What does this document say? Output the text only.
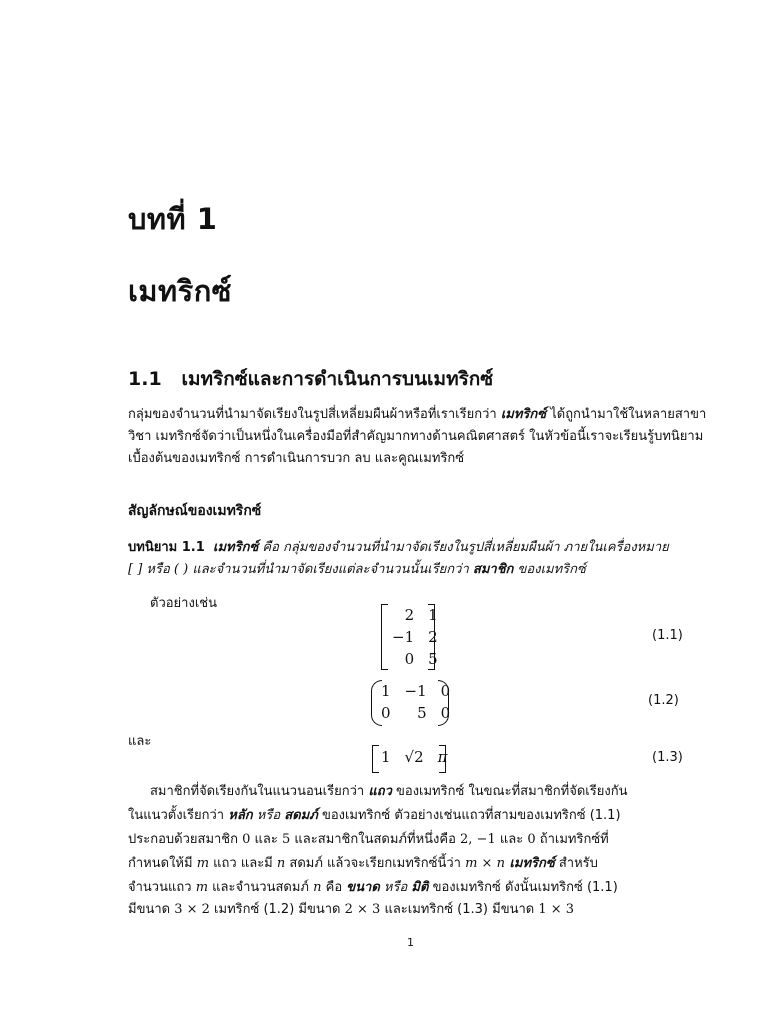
บทที่ 1
เมทริกซ์
1.1 เมทริกซ์และการดำเนินการบนเมทริกซ์
กลุ่มของจำนวนที่นำมาจัดเรียงในรูปสี่เหลี่ยมผืนผ้าหรือที่เราเรียกว่า เมทริกซ์ ได้ถูกนำมาใช้ในหลายสาขาวิชา เมทริกซ์จัดว่าเป็นหนึ่งในเครื่องมือที่สำคัญมากทางด้านคณิตศาสตร์ ในหัวข้อนี้เราจะเรียนรู้บทนิยามเบื้องต้นของเมทริกซ์ การดำเนินการบวก ลบ และคูณเมทริกซ์
สัญลักษณ์ของเมทริกซ์
บทนิยาม 1.1 เมทริกซ์ คือ กลุ่มของจำนวนที่นำมาจัดเรียงในรูปสี่เหลี่ยมผืนผ้า ภายในเครื่องหมาย
[ ] หรือ ( ) และจำนวนที่นำมาจัดเรียงแต่ละจำนวนนั้นเรียกว่า สมาชิก ของเมทริกซ์
ตัวอย่างเช่น
2	1
−1	2
0	5
(1.1)
1	−1	0
0	5	0
(1.2)
และ
1	√2	π	(1.3)
สมาชิกที่จัดเรียงกันในแนวนอนเรียกว่า แถว ของเมทริกซ์ ในขณะที่สมาชิกที่จัดเรียงกัน
ในแนวตั้งเรียกว่า หลัก หรือ สดมภ์ ของเมทริกซ์ ตัวอย่างเช่นแถวที่สามของเมทริกซ์ (1.1)
ประกอบด้วยสมาชิก 0 และ 5 และสมาชิกในสดมภ์ที่หนึ่งคือ 2, −1 และ 0 ถ้าเมทริกซ์ที่
กำหนดให้มี m แถว และมี n สดมภ์ แล้วจะเรียกเมทริกซ์นี้ว่า m × n เมทริกซ์ สำหรับ
จำนวนแถว m และจำนวนสดมภ์ n คือ ขนาด หรือ มิติ ของเมทริกซ์ ดังนั้นเมทริกซ์ (1.1)
มีขนาด 3 × 2 เมทริกซ์ (1.2) มีขนาด 2 × 3 และเมทริกซ์ (1.3) มีขนาด 1 × 3
1
